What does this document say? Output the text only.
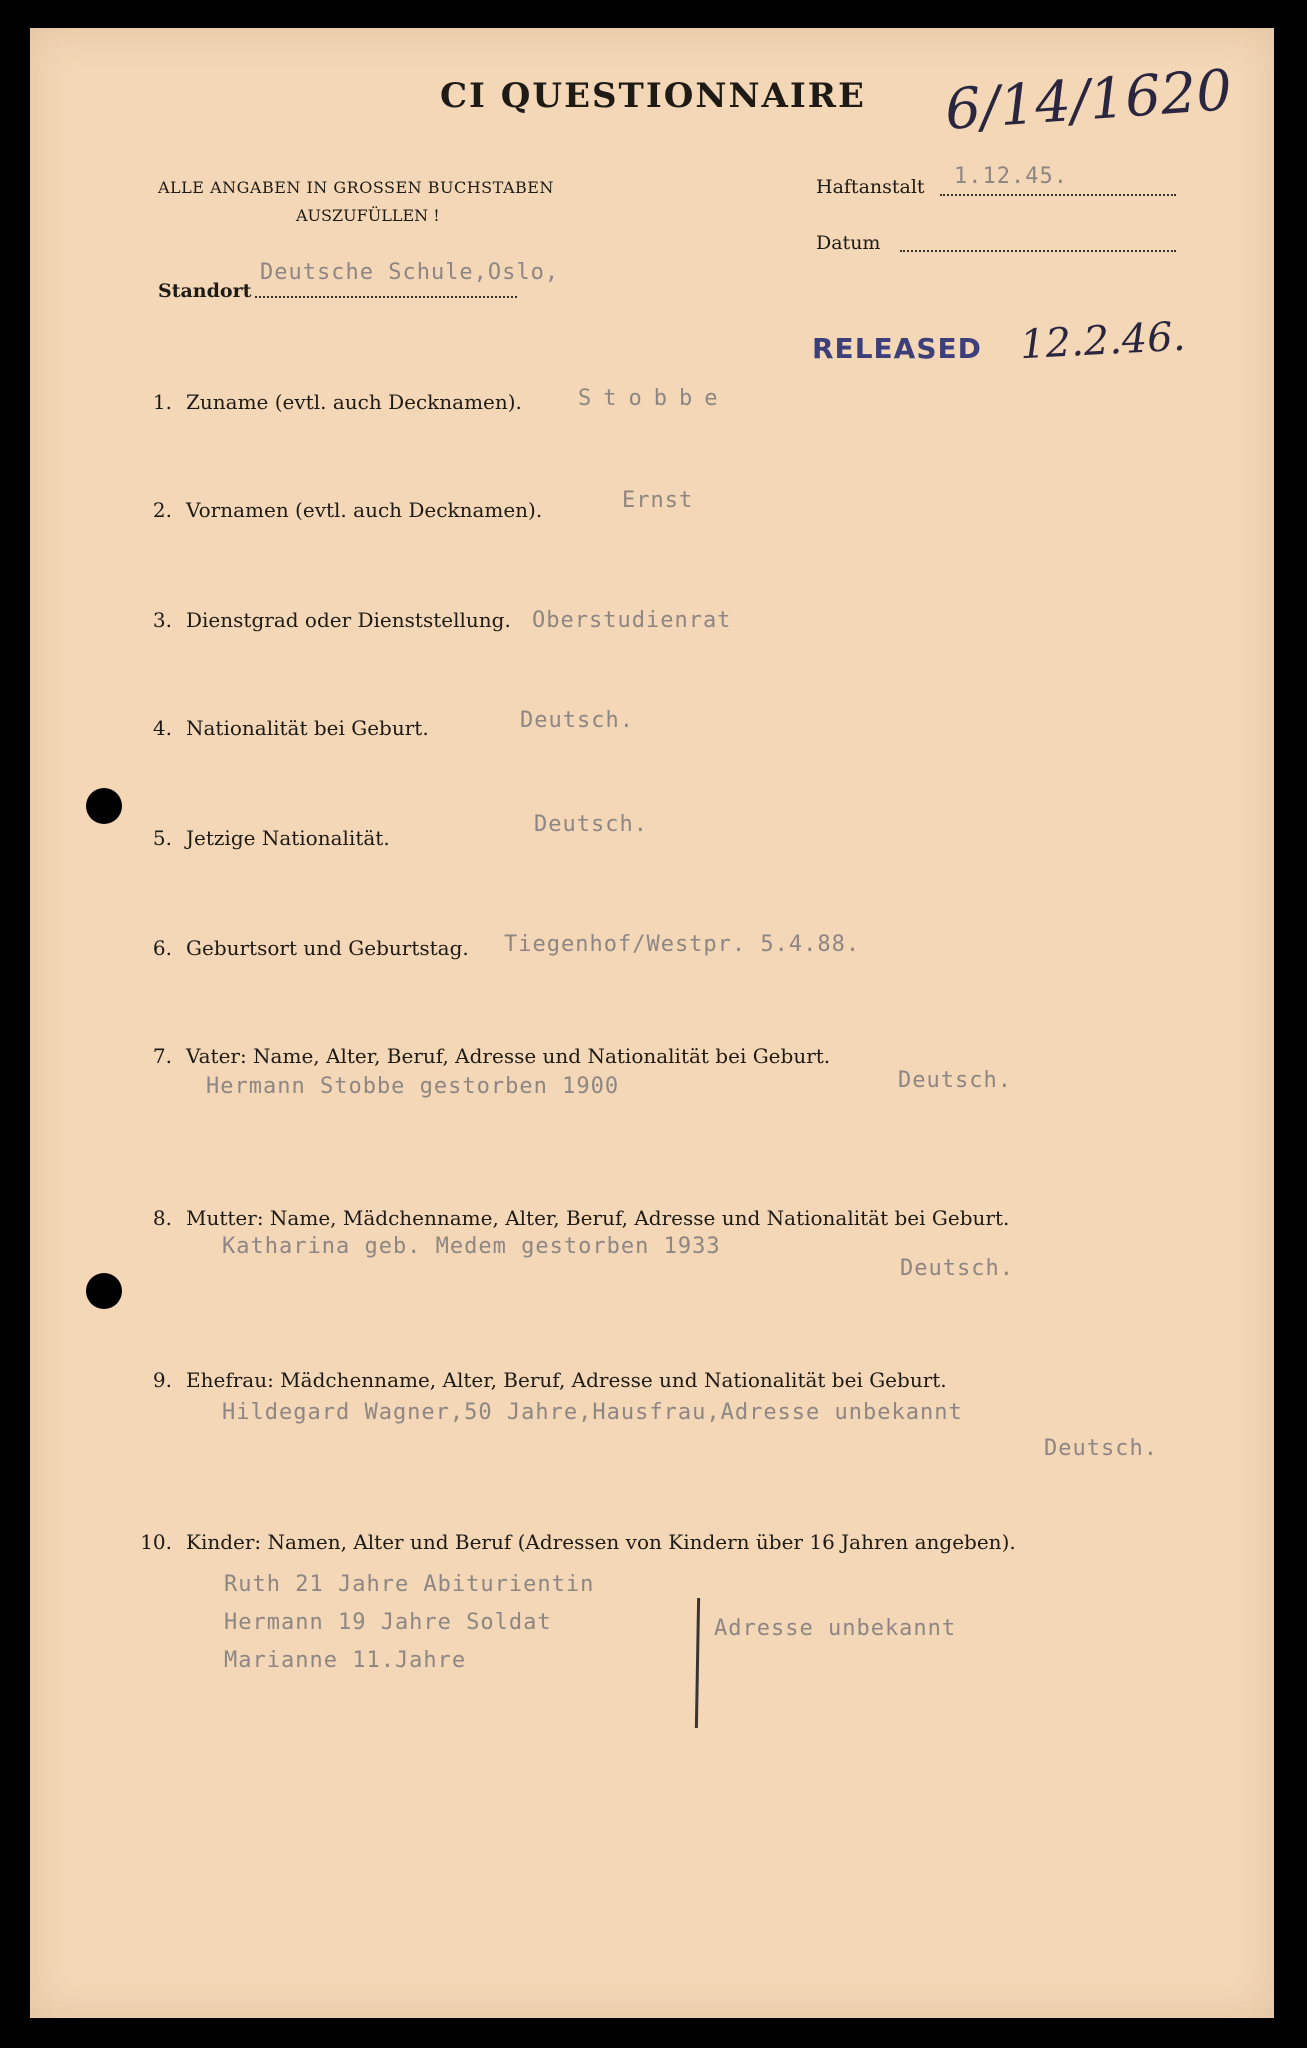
CI QUESTIONNAIRE 6/14/1620
ALLE ANGABEN IN GROSSEN BUCHSTABEN
AUSZUFÜLLEN !
Haftanstalt 1.12.45.
Datum
Standort
Deutsche Schule,Oslo,
RELEASED 12.2.46.
1. Zuname (evtl. auch Decknamen).	Stobbe
2. Vornamen (evtl. auch Decknamen).	Ernst
3. Dienstgrad oder Dienststellung. Oberstudienrat
4. Nationalität bei Geburt.	Deutsch.
5. Jetzige Nationalität.
Deutsch.
6. Geburtsort und Geburtstag. Tiegenhof/Westpr. 5.4.88.
7. Vater: Name, Alter, Beruf, Adresse und Nationalität bei Geburt.
Hermann Stobbe gestorben 1900	Deutsch.
8. Mutter: Name, Mädchenname, Alter, Beruf, Adresse und Nationalität bei Geburt.
Katharina geb. Medem gestorben 1933
Deutsch.
9. Ehefrau: Mädchenname, Alter, Beruf, Adresse und Nationalität bei Geburt.
Hildegard Wagner,50 Jahre,Hausfrau,Adresse unbekannt
Deutsch.
10. Kinder: Namen, Alter und Beruf (Adressen von Kindern über 16 Jahren angeben).
Ruth 21 Jahre Abiturientin
Hermann 19 Jahre Soldat
Marianne 11.Jahre
Adresse unbekannt
